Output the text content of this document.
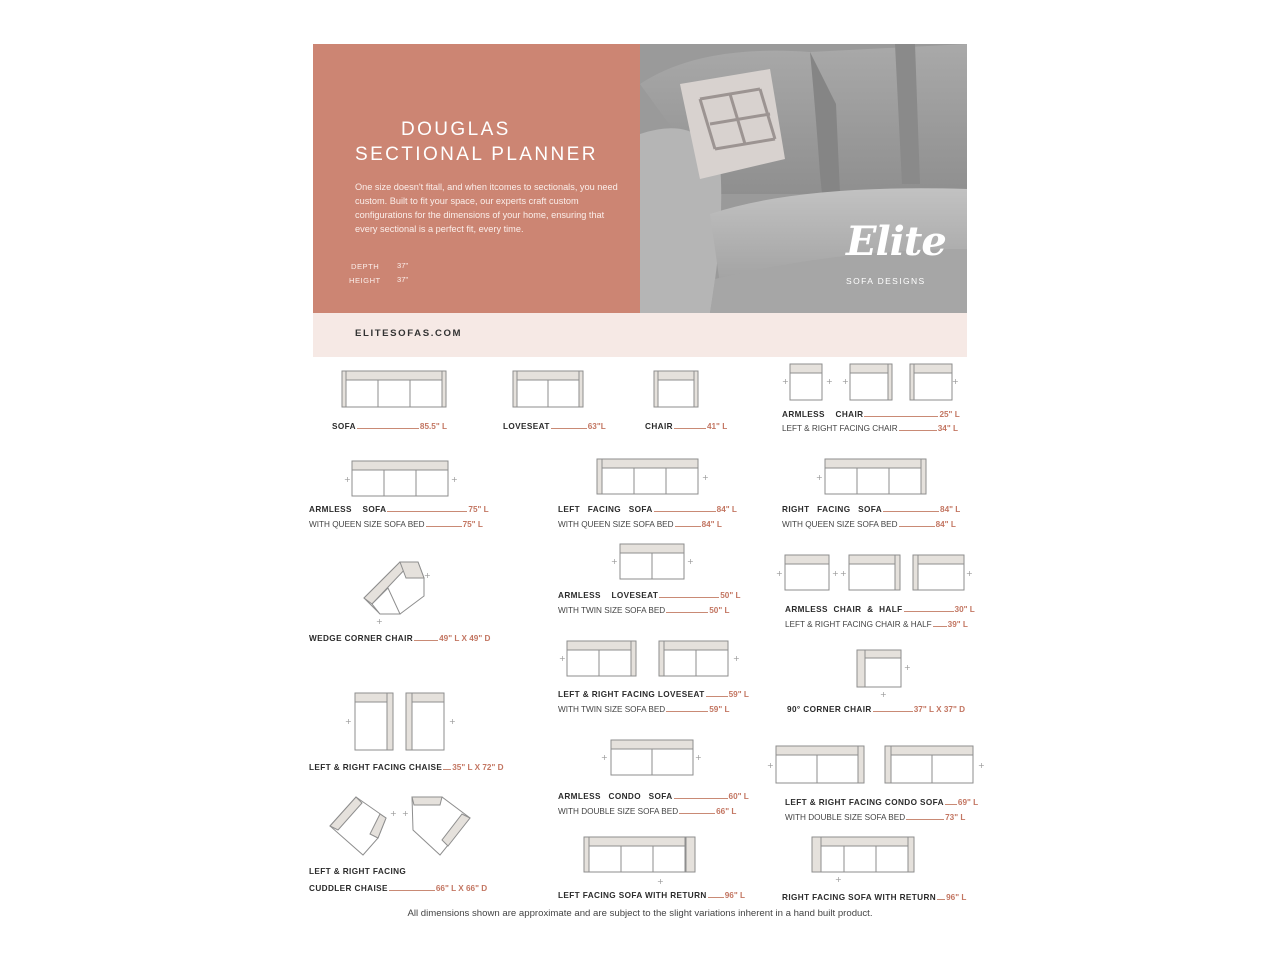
DOUGLAS
SECTIONAL PLANNER
One size doesn't fitall, and when itcomes to sectionals, you need custom. Built to fit your space, our experts craft custom configurations for the dimensions of your home, ensuring that every sectional is a perfect fit, every time.
DEPTH 37"
HEIGHT 37"
Elite
SOFA DESIGNS
ELITESOFAS.COM
+	+ +	+
+	+	+	+
+
+
+	+
+	+ +	+
+	+
+
+
+	+
+	+
+	+
+ +
+	+
SOFA	85.5" L	LOVESEAT	63"L	CHAIR	41" L
ARMLESS CHAIR	25" L
LEFT & RIGHT FACING CHAIR	34" L
ARMLESS SOFA	75" L
WITH QUEEN SIZE SOFA BED	75" L
LEFT FACING SOFA	84" L
WITH QUEEN SIZE SOFA BED	84" L
RIGHT FACING SOFA	84" L
WITH QUEEN SIZE SOFA BED	84" L
WEDGE CORNER CHAIR	49" L X 49" D
ARMLESS LOVESEAT	50" L
WITH TWIN SIZE SOFA BED	50" L	ARMLESS CHAIR & HALF	30" L
LEFT & RIGHT FACING CHAIR & HALF 39" L
LEFT & RIGHT FACING LOVESEAT	59" L
WITH TWIN SIZE SOFA BED	59" L	90° CORNER CHAIR	37" L X 37" D
LEFT & RIGHT FACING CHAISE 35" L X 72" D
ARMLESS CONDO SOFA	60" L
WITH DOUBLE SIZE SOFA BED	66" L
LEFT & RIGHT FACING CONDO SOFA 69" L
WITH DOUBLE SIZE SOFA BED	73" L
LEFT & RIGHT FACING
CUDDLER CHAISE	66" L X 66" D
LEFT FACING SOFA WITH RETURN 96" L	RIGHT FACING SOFA WITH RETURN 96" L
All dimensions shown are approximate and are subject to the slight variations inherent in a hand built product.
